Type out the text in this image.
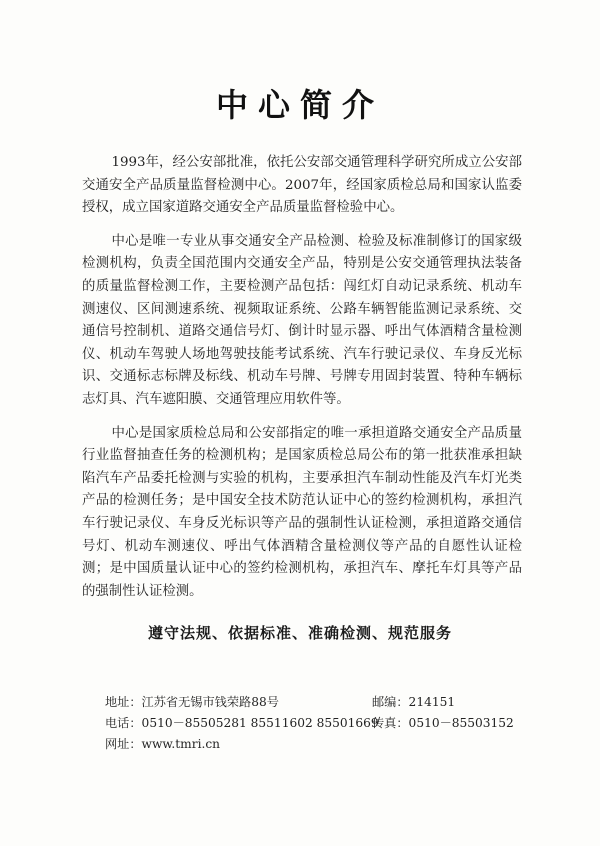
中心简介

1993年，经公安部批准，依托公安部交通管理科学研究所成立公安部交通安全产品质量监督检测中心。2007年，经国家质检总局和国家认监委授权，成立国家道路交通安全产品质量监督检验中心。

中心是唯一专业从事交通安全产品检测、检验及标准制修订的国家级检测机构，负责全国范围内交通安全产品，特别是公安交通管理执法装备的质量监督检测工作，主要检测产品包括：闯红灯自动记录系统、机动车测速仪、区间测速系统、视频取证系统、公路车辆智能监测记录系统、交通信号控制机、道路交通信号灯、倒计时显示器、呼出气体酒精含量检测仪、机动车驾驶人场地驾驶技能考试系统、汽车行驶记录仪、车身反光标识、交通标志标牌及标线、机动车号牌、号牌专用固封装置、特种车辆标志灯具、汽车遮阳膜、交通管理应用软件等。

中心是国家质检总局和公安部指定的唯一承担道路交通安全产品质量行业监督抽查任务的检测机构；是国家质检总局公布的第一批获准承担缺陷汽车产品委托检测与实验的机构，主要承担汽车制动性能及汽车灯光类产品的检测任务；是中国安全技术防范认证中心的签约检测机构，承担汽车行驶记录仪、车身反光标识等产品的强制性认证检测，承担道路交通信号灯、机动车测速仪、呼出气体酒精含量检测仪等产品的自愿性认证检测；是中国质量认证中心的签约检测机构，承担汽车、摩托车灯具等产品的强制性认证检测。

遵守法规、依据标准、准确检测、规范服务
地址：江苏省无锡市钱荣路88号	邮编：214151
电话：0510－85505281 85511602 85501669
传真：0510－85503152
网址：www.tmri.cn
